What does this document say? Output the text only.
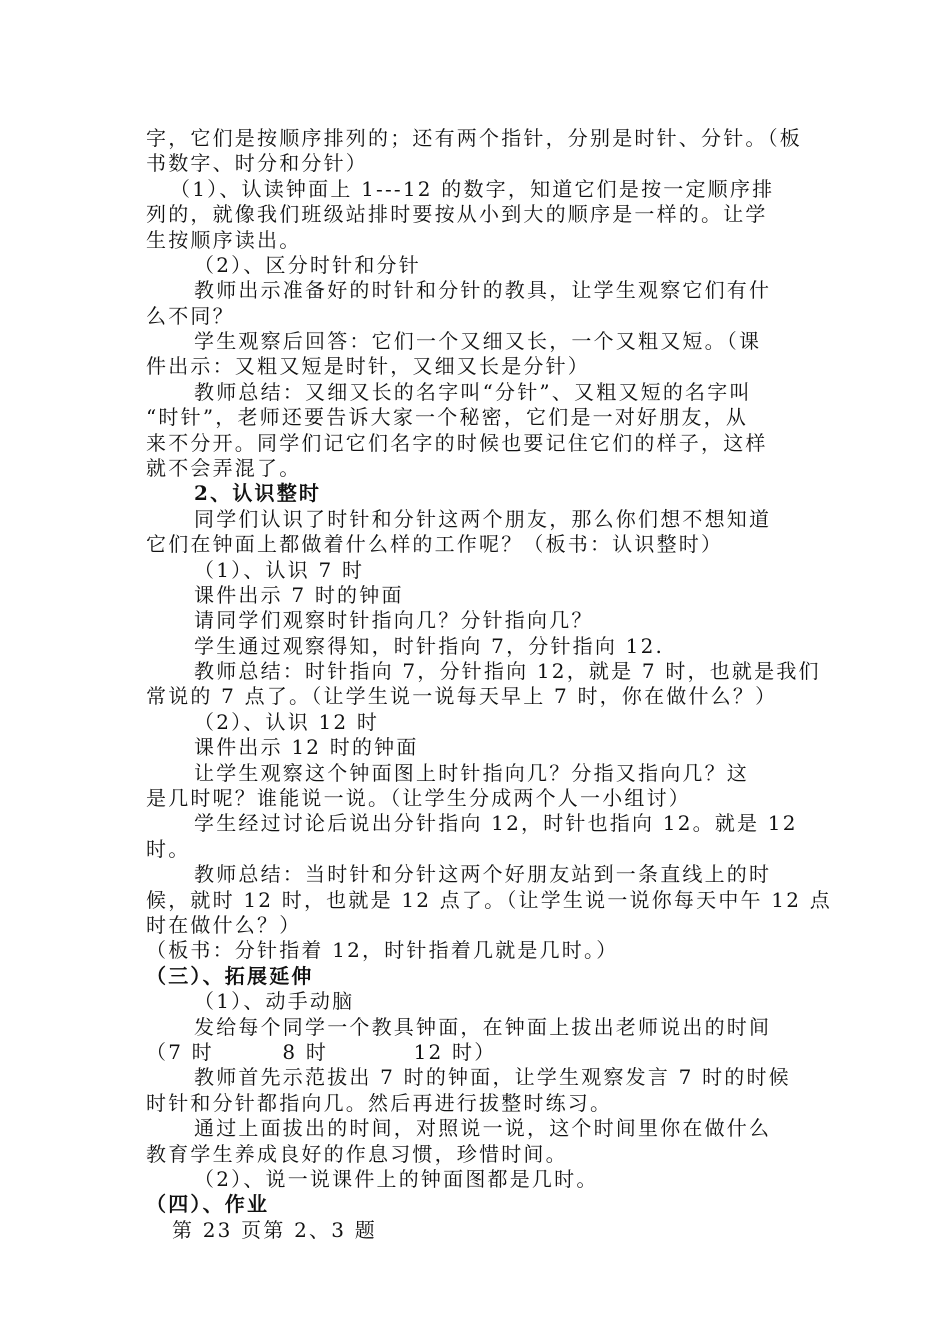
字，它们是按顺序排列的；还有两个指针，分别是时针、分针。（板
书数字、时分和分针）
（1）、认读钟面上 1---12 的数字，知道它们是按一定顺序排
列的，就像我们班级站排时要按从小到大的顺序是一样的。让学
生按顺序读出。
（2）、区分时针和分针
教师出示准备好的时针和分针的教具，让学生观察它们有什
么不同？
学生观察后回答：它们一个又细又长，一个又粗又短。（课
件出示：又粗又短是时针，又细又长是分针）
教师总结：又细又长的名字叫“分针”、又粗又短的名字叫
“时针”，老师还要告诉大家一个秘密，它们是一对好朋友，从
来不分开。同学们记它们名字的时候也要记住它们的样子，这样
就不会弄混了。
2、认识整时
同学们认识了时针和分针这两个朋友，那么你们想不想知道
它们在钟面上都做着什么样的工作呢？（板书：认识整时）
（1）、认识 7 时
课件出示 7 时的钟面
请同学们观察时针指向几？分针指向几？
学生通过观察得知，时针指向 7，分针指向 12.
教师总结：时针指向 7，分针指向 12，就是 7 时，也就是我们
常说的 7 点了。（让学生说一说每天早上 7 时，你在做什么？）
（2）、认识 12 时
课件出示 12 时的钟面
让学生观察这个钟面图上时针指向几？分指又指向几？这
是几时呢？谁能说一说。（让学生分成两个人一小组讨）
学生经过讨论后说出分针指向 12，时针也指向 12。就是 12
时。
教师总结：当时针和分针这两个好朋友站到一条直线上的时
候，就时 12 时，也就是 12 点了。（让学生说一说你每天中午 12 点
时在做什么？）
（板书：分针指着 12，时针指着几就是几时。）
（三）、拓展延伸
（1）、动手动脑
发给每个同学一个教具钟面，在钟面上拔出老师说出的时间
（7 时        8 时          12 时）
教师首先示范拔出 7 时的钟面，让学生观察发言 7 时的时候
时针和分针都指向几。然后再进行拔整时练习。
通过上面拔出的时间，对照说一说，这个时间里你在做什么
教育学生养成良好的作息习惯，珍惜时间。
（2）、说一说课件上的钟面图都是几时。
（四）、作业
第 23 页第 2、3 题
